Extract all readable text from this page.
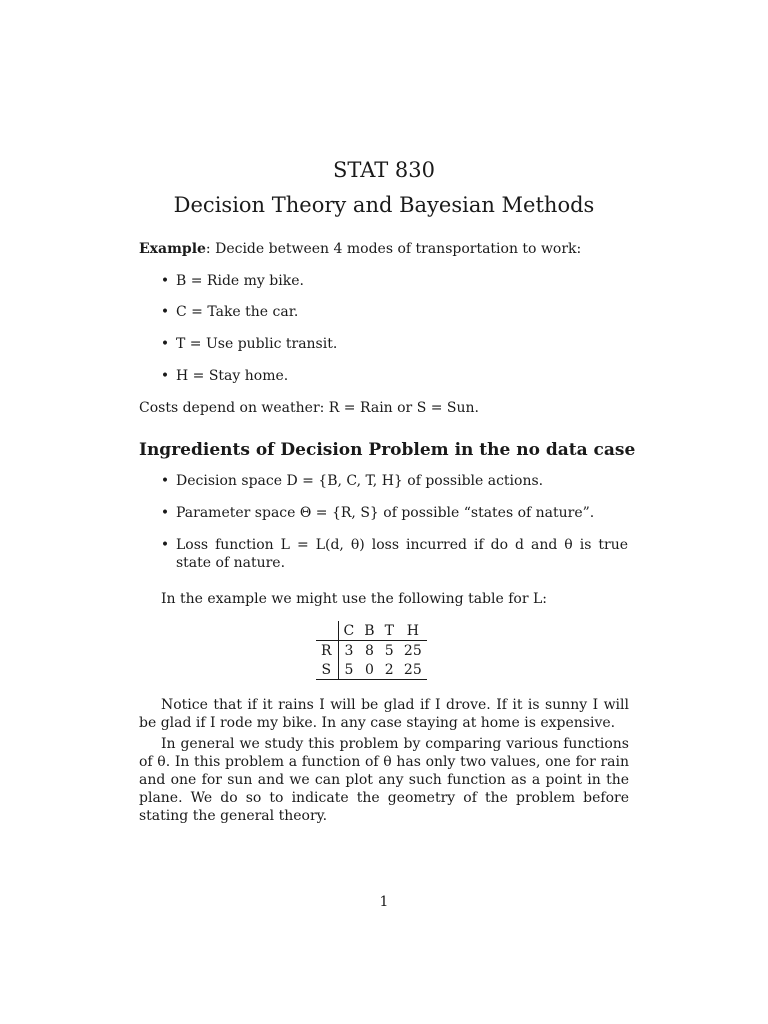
STAT 830
Decision Theory and Bayesian Methods
Example: Decide between 4 modes of transportation to work:
• B = Ride my bike.
• C = Take the car.
• T = Use public transit.
• H = Stay home.
Costs depend on weather: R = Rain or S = Sun.
Ingredients of Decision Problem in the no data case
• Decision space D = {B, C, T, H} of possible actions.
• Parameter space Θ = {R, S} of possible “states of nature”.
• Loss function L = L(d, θ) loss incurred if do d and θ is true state of nature.
In the example we might use the following table for L:
	C	B	T	H
R	3	8	5	25
S	5	0	2	25
Notice that if it rains I will be glad if I drove. If it is sunny I will be glad if I rode my bike. In any case staying at home is expensive.
In general we study this problem by comparing various functions of θ. In this problem a function of θ has only two values, one for rain and one for sun and we can plot any such function as a point in the plane. We do so to indicate the geometry of the problem before stating the general theory.
1
